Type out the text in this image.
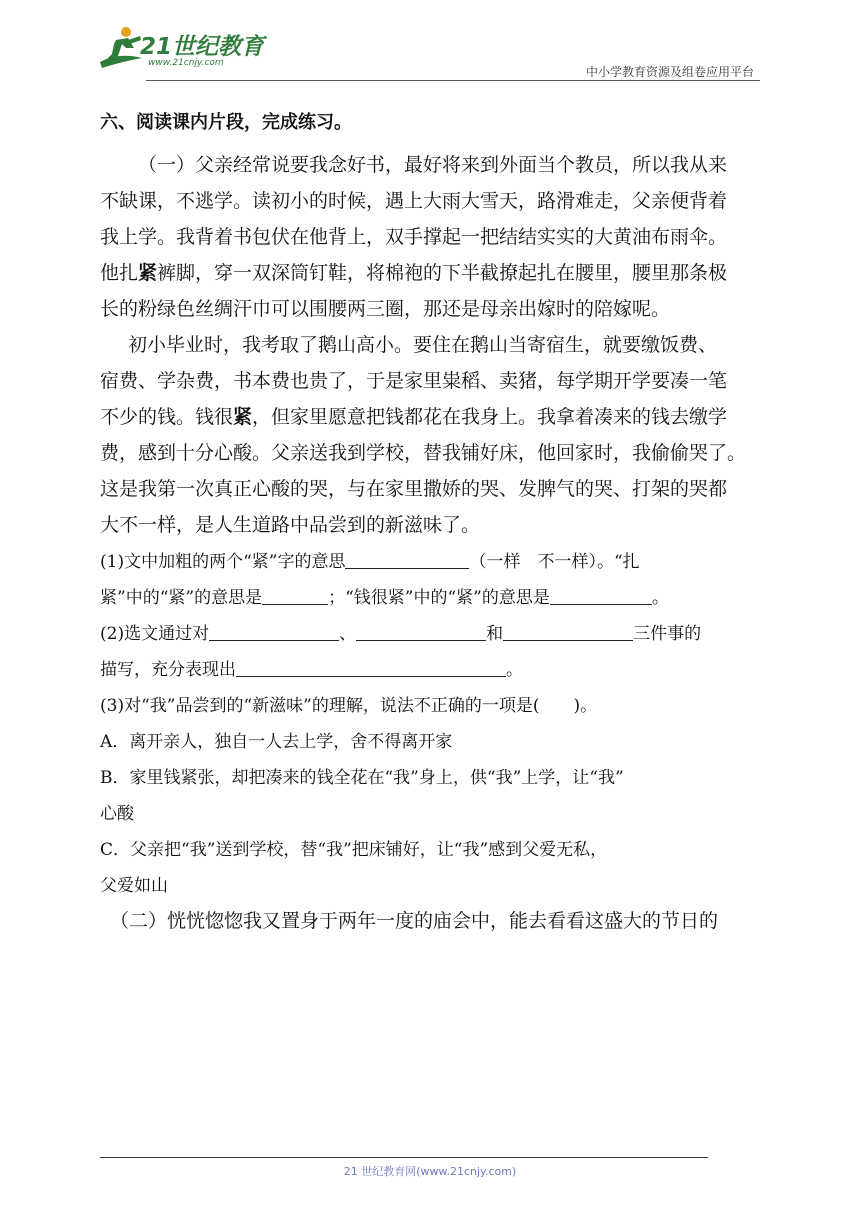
21世纪教育
www.21cnjy.com
中小学教育资源及组卷应用平台
六、阅读课内片段，完成练习。
（一）父亲经常说要我念好书，最好将来到外面当个教员，所以我从来
不缺课，不逃学。读初小的时候，遇上大雨大雪天，路滑难走，父亲便背着
我上学。我背着书包伏在他背上，双手撑起一把结结实实的大黄油布雨伞。
他扎紧裤脚，穿一双深筒钉鞋，将棉袍的下半截撩起扎在腰里，腰里那条极
长的粉绿色丝绸汗巾可以围腰两三圈，那还是母亲出嫁时的陪嫁呢。
初小毕业时，我考取了鹅山高小。要住在鹅山当寄宿生，就要缴饭费、
宿费、学杂费，书本费也贵了，于是家里粜稻、卖猪，每学期开学要凑一笔
不少的钱。钱很紧，但家里愿意把钱都花在我身上。我拿着凑来的钱去缴学
费，感到十分心酸。父亲送我到学校，替我铺好床，他回家时，我偷偷哭了。
这是我第一次真正心酸的哭，与在家里撒娇的哭、发脾气的哭、打架的哭都
大不一样，是人生道路中品尝到的新滋味了。
(1)文中加粗的两个“紧”字的意思	（一样　不一样）。“扎
紧”中的“紧”的意思是	；“钱很紧”中的“紧”的意思是	。
(2)选文通过对	、	和	三件事的
描写，充分表现出	。
(3)对“我”品尝到的“新滋味”的理解，说法不正确的一项是(　　)。
A．离开亲人，独自一人去上学，舍不得离开家
B．家里钱紧张，却把凑来的钱全花在“我”身上，供“我”上学，让“我”
心酸
C．父亲把“我”送到学校，替“我”把床铺好，让“我”感到父爱无私，
父爱如山
（二）恍恍惚惚我又置身于两年一度的庙会中，能去看看这盛大的节日的
21 世纪教育网(www.21cnjy.com)
